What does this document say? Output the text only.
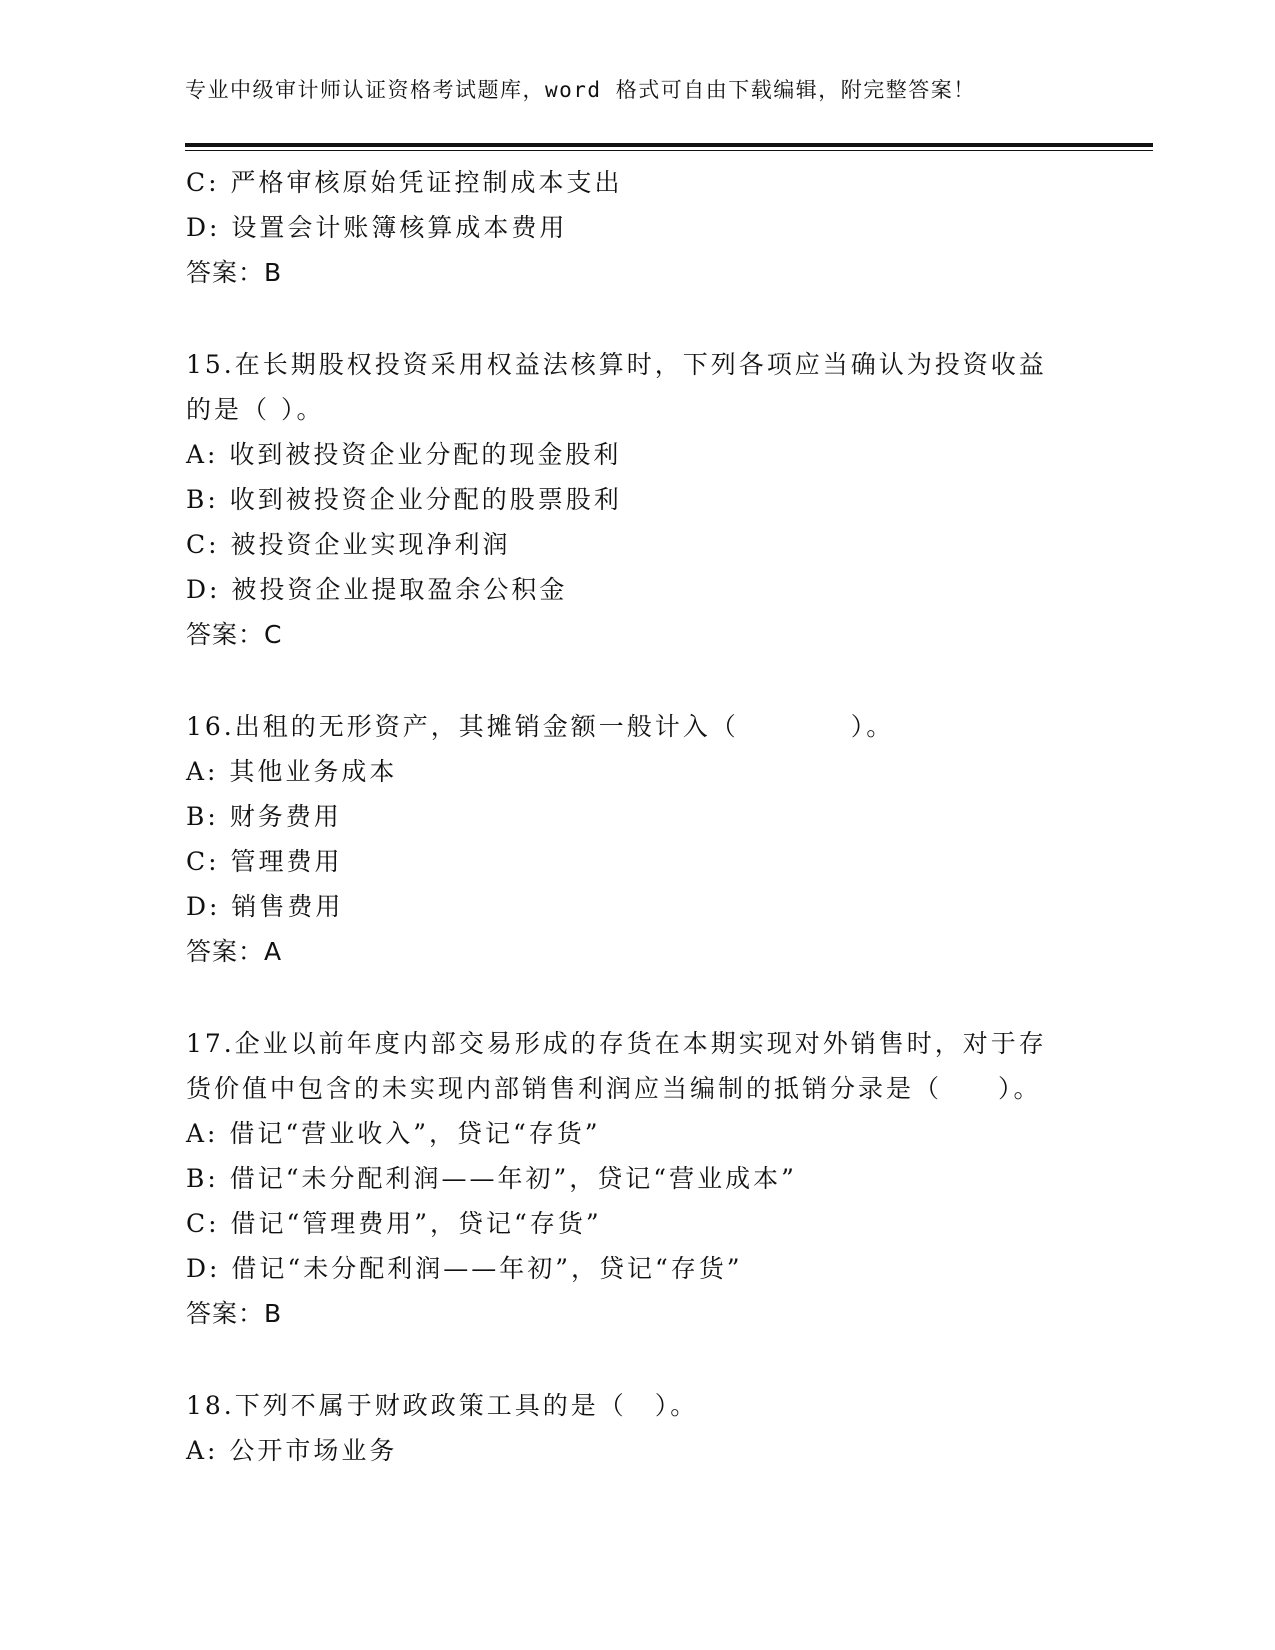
专业中级审计师认证资格考试题库，word 格式可自由下载编辑，附完整答案！
C: 严格审核原始凭证控制成本支出
D: 设置会计账簿核算成本费用
答案：B
15.在长期股权投资采用权益法核算时，下列各项应当确认为投资收益
的是（ ）。
A: 收到被投资企业分配的现金股利
B: 收到被投资企业分配的股票股利
C: 被投资企业实现净利润
D: 被投资企业提取盈余公积金
答案：C
16.出租的无形资产，其摊销金额一般计入（　　　　）。
A: 其他业务成本
B: 财务费用
C: 管理费用
D: 销售费用
答案：A
17.企业以前年度内部交易形成的存货在本期实现对外销售时，对于存
货价值中包含的未实现内部销售利润应当编制的抵销分录是（　　）。
A: 借记“营业收入”，贷记“存货”
B: 借记“未分配利润——年初”，贷记“营业成本”
C: 借记“管理费用”，贷记“存货”
D: 借记“未分配利润——年初”，贷记“存货”
答案：B
18.下列不属于财政政策工具的是（　）。
A: 公开市场业务
